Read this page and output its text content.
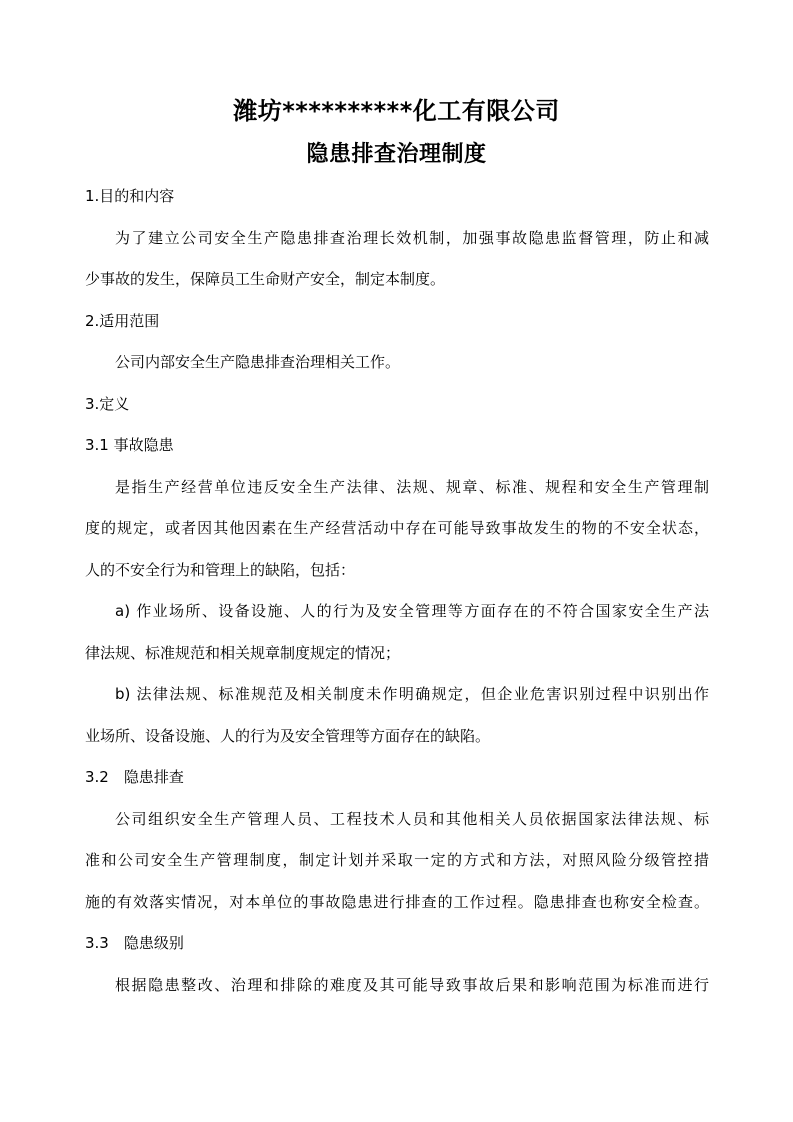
潍坊**********化工有限公司
隐患排查治理制度
1.目的和内容
为了建立公司安全生产隐患排查治理长效机制，加强事故隐患监督管理，防止和减
少事故的发生，保障员工生命财产安全，制定本制度。
2.适用范围
公司内部安全生产隐患排查治理相关工作。
3.定义
3.1 事故隐患
是指生产经营单位违反安全生产法律、法规、规章、标准、规程和安全生产管理制
度的规定，或者因其他因素在生产经营活动中存在可能导致事故发生的物的不安全状态，
人的不安全行为和管理上的缺陷，包括：
a) 作业场所、设备设施、人的行为及安全管理等方面存在的不符合国家安全生产法
律法规、标准规范和相关规章制度规定的情况；
b) 法律法规、标准规范及相关制度未作明确规定，但企业危害识别过程中识别出作
业场所、设备设施、人的行为及安全管理等方面存在的缺陷。
3.2　隐患排查
公司组织安全生产管理人员、工程技术人员和其他相关人员依据国家法律法规、标
准和公司安全生产管理制度，制定计划并采取一定的方式和方法，对照风险分级管控措
施的有效落实情况，对本单位的事故隐患进行排查的工作过程。隐患排查也称安全检查。
3.3　隐患级别
根据隐患整改、治理和排除的难度及其可能导致事故后果和影响范围为标准而进行
